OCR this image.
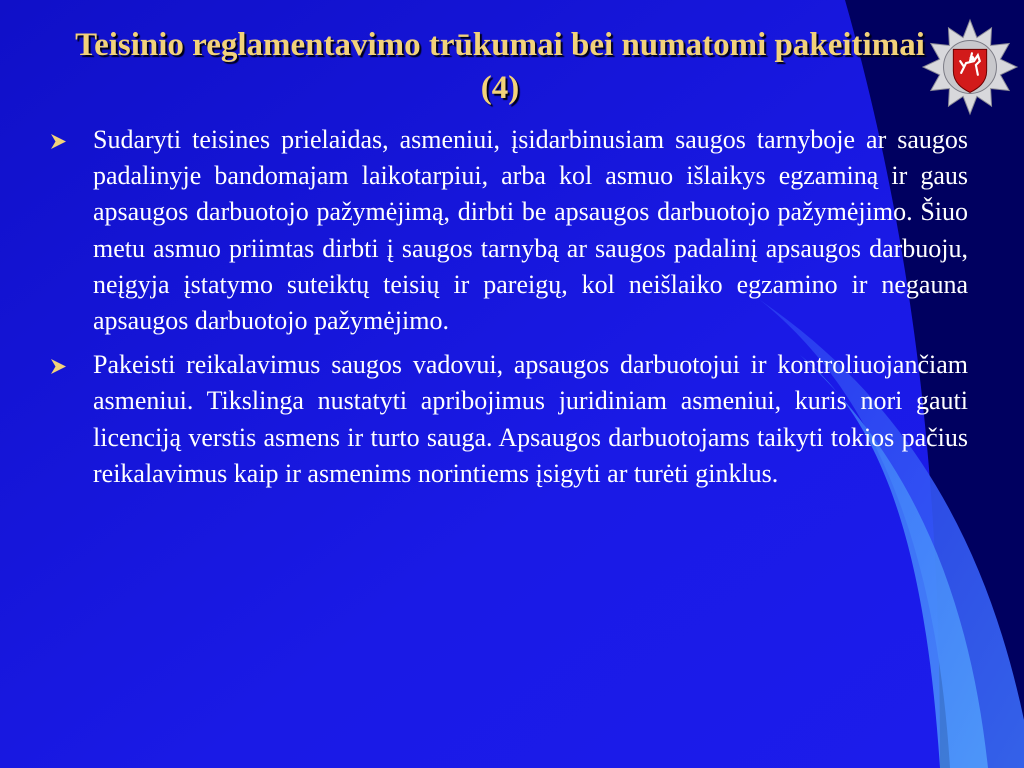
Teisinio reglamentavimo trūkumai bei numatomi pakeitimai (4)
Sudaryti teisines prielaidas, asmeniui, įsidarbinusiam saugos tarnyboje ar saugos padalinyje bandomajam laikotarpiui, arba kol asmuo išlaikys egzaminą ir gaus apsaugos darbuotojo pažymėjimą, dirbti be apsaugos darbuotojo pažymėjimo. Šiuo metu asmuo priimtas dirbti į saugos tarnybą ar saugos padalinį apsaugos darbuoju, neįgyja įstatymo suteiktų teisių ir pareigų, kol neišlaiko egzamino ir negauna apsaugos darbuotojo pažymėjimo.
Pakeisti reikalavimus saugos vadovui, apsaugos darbuotojui ir kontroliuojančiam asmeniui. Tikslinga nustatyti apribojimus juridiniam asmeniui, kuris nori gauti licenciją verstis asmens ir turto sauga. Apsaugos darbuotojams taikyti tokios pačius reikalavimus kaip ir asmenims norintiems įsigyti ar turėti ginklus.
